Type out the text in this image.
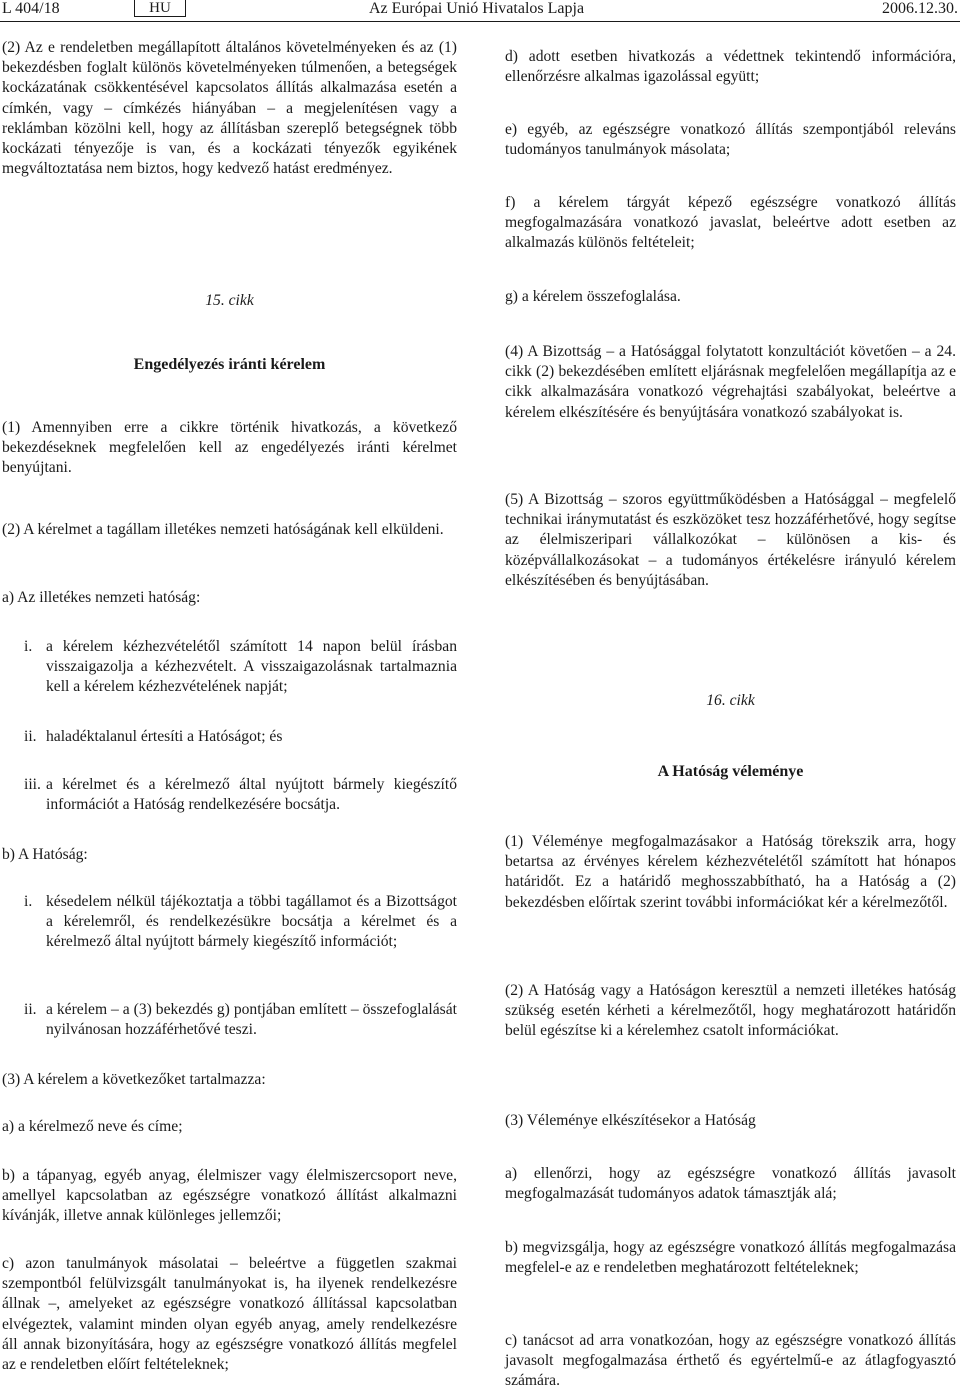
L 404/18	HU	Az Európai Unió Hivatalos Lapja	2006.12.30.
(2) Az e rendeletben megállapított általános követelményeken és az (1) bekezdésben foglalt különös követelményeken túlmenően, a betegségek kockázatának csökkentésével kapcsolatos állítás alkalmazása esetén a címkén, vagy – címkézés hiányában – a megjelenítésen vagy a reklámban közölni kell, hogy az állításban szereplő betegségnek több kockázati tényezője is van, és a kockázati tényezők egyikének megváltoztatása nem biztos, hogy kedvező hatást eredményez.
15. cikk
Engedélyezés iránti kérelem
(1) Amennyiben erre a cikkre történik hivatkozás, a következő bekezdéseknek megfelelően kell az engedélyezés iránti kérelmet benyújtani.
(2) A kérelmet a tagállam illetékes nemzeti hatóságának kell elküldeni.
a) Az illetékes nemzeti hatóság:
i. a kérelem kézhezvételétől számított 14 napon belül írásban visszaigazolja a kézhezvételt. A visszaigazolásnak tartalmaznia kell a kérelem kézhezvételének napját;
ii. haladéktalanul értesíti a Hatóságot; és
iii. a kérelmet és a kérelmező által nyújtott bármely kiegészítő információt a Hatóság rendelkezésére bocsátja.
b) A Hatóság:
i. késedelem nélkül tájékoztatja a többi tagállamot és a Bizottságot a kérelemről, és rendelkezésükre bocsátja a kérelmet és a kérelmező által nyújtott bármely kiegészítő információt;
ii. a kérelem – a (3) bekezdés g) pontjában említett – összefoglalását nyilvánosan hozzáférhetővé teszi.
(3) A kérelem a következőket tartalmazza:
a) a kérelmező neve és címe;
b) a tápanyag, egyéb anyag, élelmiszer vagy élelmiszercsoport neve, amellyel kapcsolatban az egészségre vonatkozó állítást alkalmazni kívánják, illetve annak különleges jellemzői;
c) azon tanulmányok másolatai – beleértve a független szakmai szempontból felülvizsgált tanulmányokat is, ha ilyenek rendelkezésre állnak –, amelyeket az egészségre vonatkozó állítással kapcsolatban elvégeztek, valamint minden olyan egyéb anyag, amely rendelkezésre áll annak bizonyítására, hogy az egészségre vonatkozó állítás megfelel az e rendeletben előírt feltételeknek;
d) adott esetben hivatkozás a védettnek tekintendő információra, ellenőrzésre alkalmas igazolással együtt;
e) egyéb, az egészségre vonatkozó állítás szempontjából releváns tudományos tanulmányok másolata;
f) a kérelem tárgyát képező egészségre vonatkozó állítás megfogalmazására vonatkozó javaslat, beleértve adott esetben az alkalmazás különös feltételeit;
g) a kérelem összefoglalása.
(4) A Bizottság – a Hatósággal folytatott konzultációt követően – a 24. cikk (2) bekezdésében említett eljárásnak megfelelően megállapítja az e cikk alkalmazására vonatkozó végrehajtási szabályokat, beleértve a kérelem elkészítésére és benyújtására vonatkozó szabályokat is.
(5) A Bizottság – szoros együttműködésben a Hatósággal – megfelelő technikai iránymutatást és eszközöket tesz hozzáférhetővé, hogy segítse az élelmiszeripari vállalkozókat – különösen a kis- és középvállalkozásokat – a tudományos értékelésre irányuló kérelem elkészítésében és benyújtásában.
16. cikk
A Hatóság véleménye
(1) Véleménye megfogalmazásakor a Hatóság törekszik arra, hogy betartsa az érvényes kérelem kézhezvételétől számított hat hónapos határidőt. Ez a határidő meghosszabbítható, ha a Hatóság a (2) bekezdésben előírtak szerint további információkat kér a kérelmezőtől.
(2) A Hatóság vagy a Hatóságon keresztül a nemzeti illetékes hatóság szükség esetén kérheti a kérelmezőtől, hogy meghatározott határidőn belül egészítse ki a kérelemhez csatolt információkat.
(3) Véleménye elkészítésekor a Hatóság
a) ellenőrzi, hogy az egészségre vonatkozó állítás javasolt megfogalmazását tudományos adatok támasztják alá;
b) megvizsgálja, hogy az egészségre vonatkozó állítás megfogalmazása megfelel-e az e rendeletben meghatározott feltételeknek;
c) tanácsot ad arra vonatkozóan, hogy az egészségre vonatkozó állítás javasolt megfogalmazása érthető és egyértelmű-e az átlagfogyasztó számára.
